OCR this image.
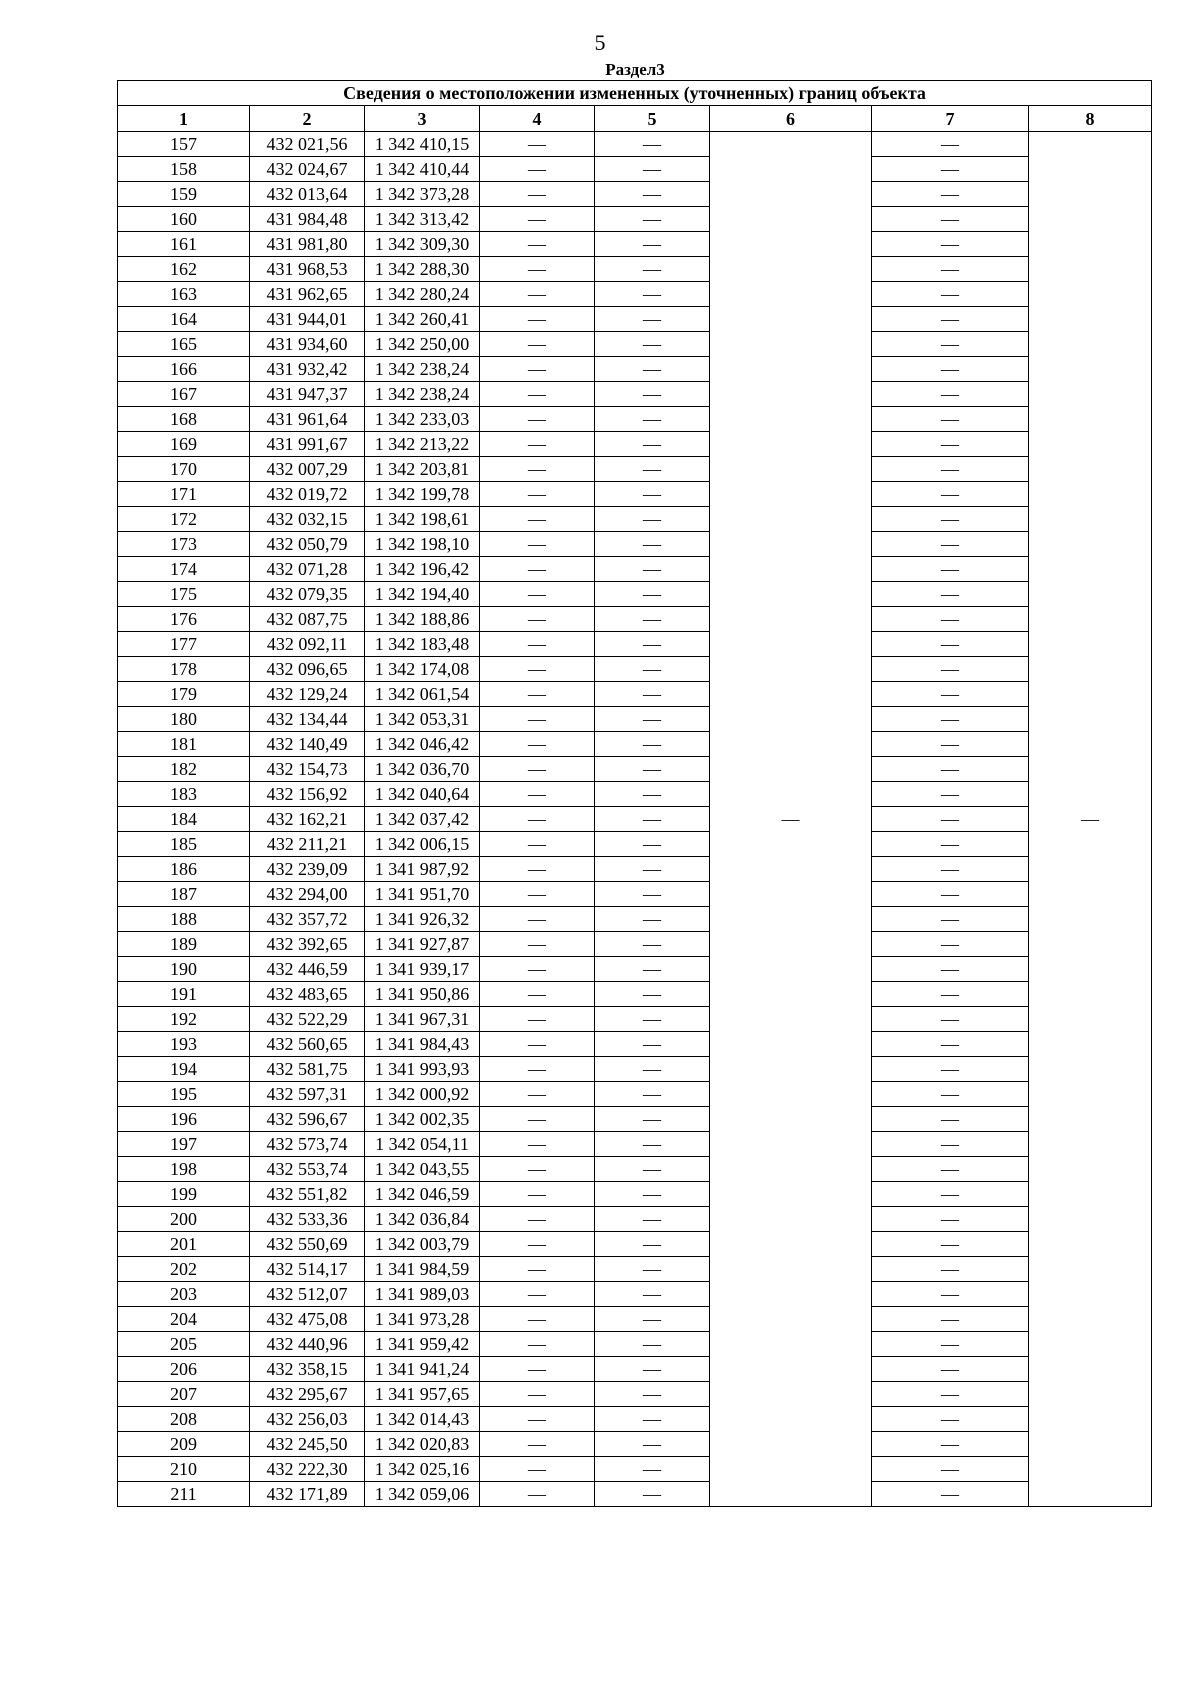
5
Раздел3
Сведения о местоположении измененных (уточненных) границ объекта							
1	2	3	4	5	6	7	8
157	432 021,56	1 342 410,15	—	—	—	—	—
158	432 024,67	1 342 410,44	—	—		—	
159	432 013,64	1 342 373,28	—	—		—	
160	431 984,48	1 342 313,42	—	—		—	
161	431 981,80	1 342 309,30	—	—		—	
162	431 968,53	1 342 288,30	—	—		—	
163	431 962,65	1 342 280,24	—	—		—	
164	431 944,01	1 342 260,41	—	—		—	
165	431 934,60	1 342 250,00	—	—		—	
166	431 932,42	1 342 238,24	—	—		—	
167	431 947,37	1 342 238,24	—	—		—	
168	431 961,64	1 342 233,03	—	—		—	
169	431 991,67	1 342 213,22	—	—		—	
170	432 007,29	1 342 203,81	—	—		—	
171	432 019,72	1 342 199,78	—	—		—	
172	432 032,15	1 342 198,61	—	—		—	
173	432 050,79	1 342 198,10	—	—		—	
174	432 071,28	1 342 196,42	—	—		—	
175	432 079,35	1 342 194,40	—	—		—	
176	432 087,75	1 342 188,86	—	—		—	
177	432 092,11	1 342 183,48	—	—		—	
178	432 096,65	1 342 174,08	—	—		—	
179	432 129,24	1 342 061,54	—	—		—	
180	432 134,44	1 342 053,31	—	—		—	
181	432 140,49	1 342 046,42	—	—		—	
182	432 154,73	1 342 036,70	—	—		—	
183	432 156,92	1 342 040,64	—	—		—	
184	432 162,21	1 342 037,42	—	—		—	
185	432 211,21	1 342 006,15	—	—		—	
186	432 239,09	1 341 987,92	—	—		—	
187	432 294,00	1 341 951,70	—	—		—	
188	432 357,72	1 341 926,32	—	—		—	
189	432 392,65	1 341 927,87	—	—		—	
190	432 446,59	1 341 939,17	—	—		—	
191	432 483,65	1 341 950,86	—	—		—	
192	432 522,29	1 341 967,31	—	—		—	
193	432 560,65	1 341 984,43	—	—		—	
194	432 581,75	1 341 993,93	—	—		—	
195	432 597,31	1 342 000,92	—	—		—	
196	432 596,67	1 342 002,35	—	—		—	
197	432 573,74	1 342 054,11	—	—		—	
198	432 553,74	1 342 043,55	—	—		—	
199	432 551,82	1 342 046,59	—	—		—	
200	432 533,36	1 342 036,84	—	—		—	
201	432 550,69	1 342 003,79	—	—		—	
202	432 514,17	1 341 984,59	—	—		—	
203	432 512,07	1 341 989,03	—	—		—	
204	432 475,08	1 341 973,28	—	—		—	
205	432 440,96	1 341 959,42	—	—		—	
206	432 358,15	1 341 941,24	—	—		—	
207	432 295,67	1 341 957,65	—	—		—	
208	432 256,03	1 342 014,43	—	—		—	
209	432 245,50	1 342 020,83	—	—		—	
210	432 222,30	1 342 025,16	—	—		—	
211	432 171,89	1 342 059,06	—	—		—	
